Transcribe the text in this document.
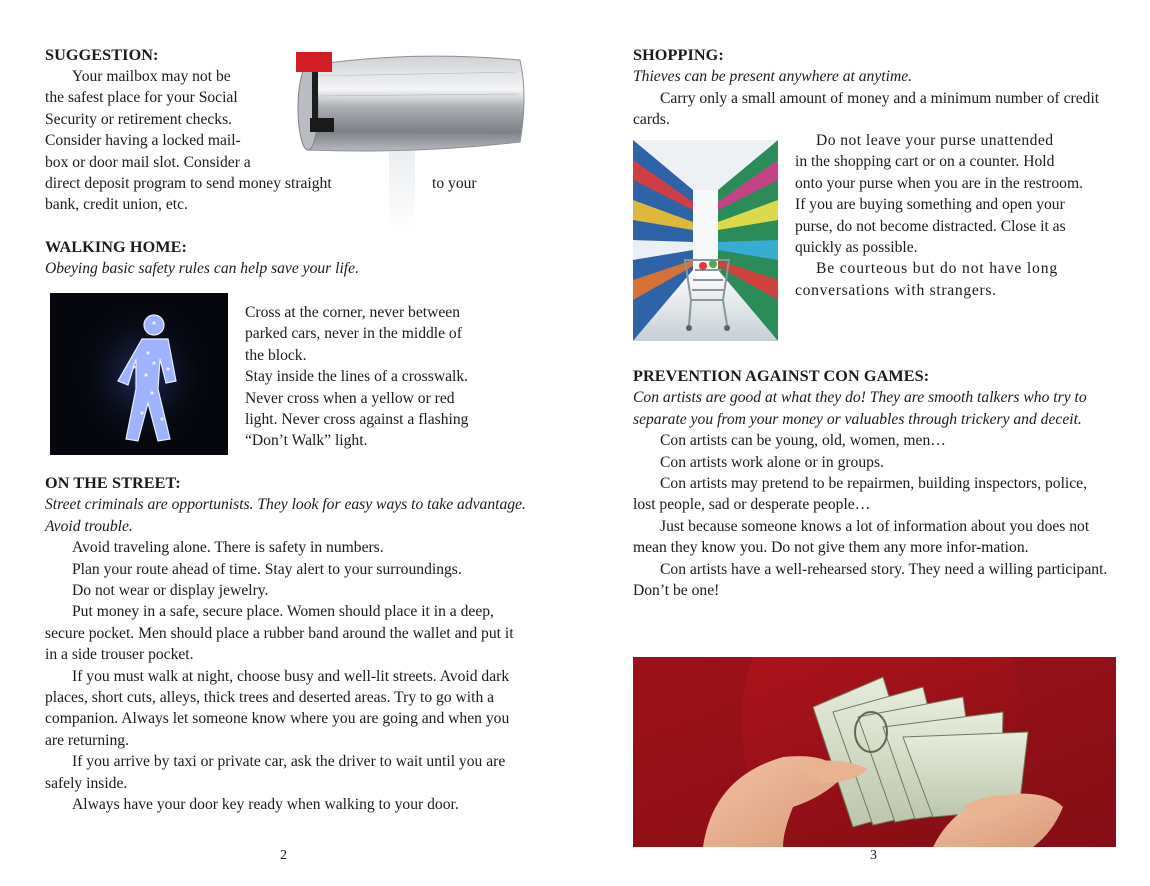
SUGGESTION:
Your mailbox may not be
the safest place for your Social
Security or retirement checks.
Consider having a locked mail-
box or door mail slot. Consider a
direct deposit program to send money straight	to your
bank, credit union, etc.
WALKING HOME:
Obeying basic safety rules can help save your life.
Cross at the corner, never between
parked cars, never in the middle of
the block.
Stay inside the lines of a crosswalk.
Never cross when a yellow or red
light. Never cross against a flashing
“Don’t Walk” light.
ON THE STREET:
Street criminals are opportunists. They look for easy ways to take advantage. Avoid trouble.

Avoid traveling alone. There is safety in numbers.

Plan your route ahead of time. Stay alert to your surroundings.

Do not wear or display jewelry.

Put money in a safe, secure place. Women should place it in a deep, secure pocket. Men should place a rubber band around the wallet and put it in a side trouser pocket.

If you must walk at night, choose busy and well-lit streets. Avoid dark places, short cuts, alleys, thick trees and deserted areas. Try to go with a companion. Always let someone know where you are going and when you are returning.

If you arrive by taxi or private car, ask the driver to wait until you are safely inside.

Always have your door key ready when walking to your door.

2
SHOPPING:
Thieves can be present anywhere at anytime.

Carry only a small amount of money and a minimum number of credit cards.

Do not leave your purse unattended
in the shopping cart or on a counter. Hold
onto your purse when you are in the restroom.
If you are buying something and open your
purse, do not become distracted. Close it as
quickly as possible.
Be courteous but do not have long
conversations with strangers.
PREVENTION AGAINST CON GAMES:
Con artists are good at what they do! They are smooth talkers who try to separate you from your money or valuables through trickery and deceit.

Con artists can be young, old, women, men…

Con artists work alone or in groups.

Con artists may pretend to be repairmen, building inspectors, police, lost people, sad or desperate people…

Just because someone knows a lot of information about you does not mean they know you. Do not give them any more infor-mation.

Con artists have a well-rehearsed story. They need a willing participant. Don’t be one!

3
